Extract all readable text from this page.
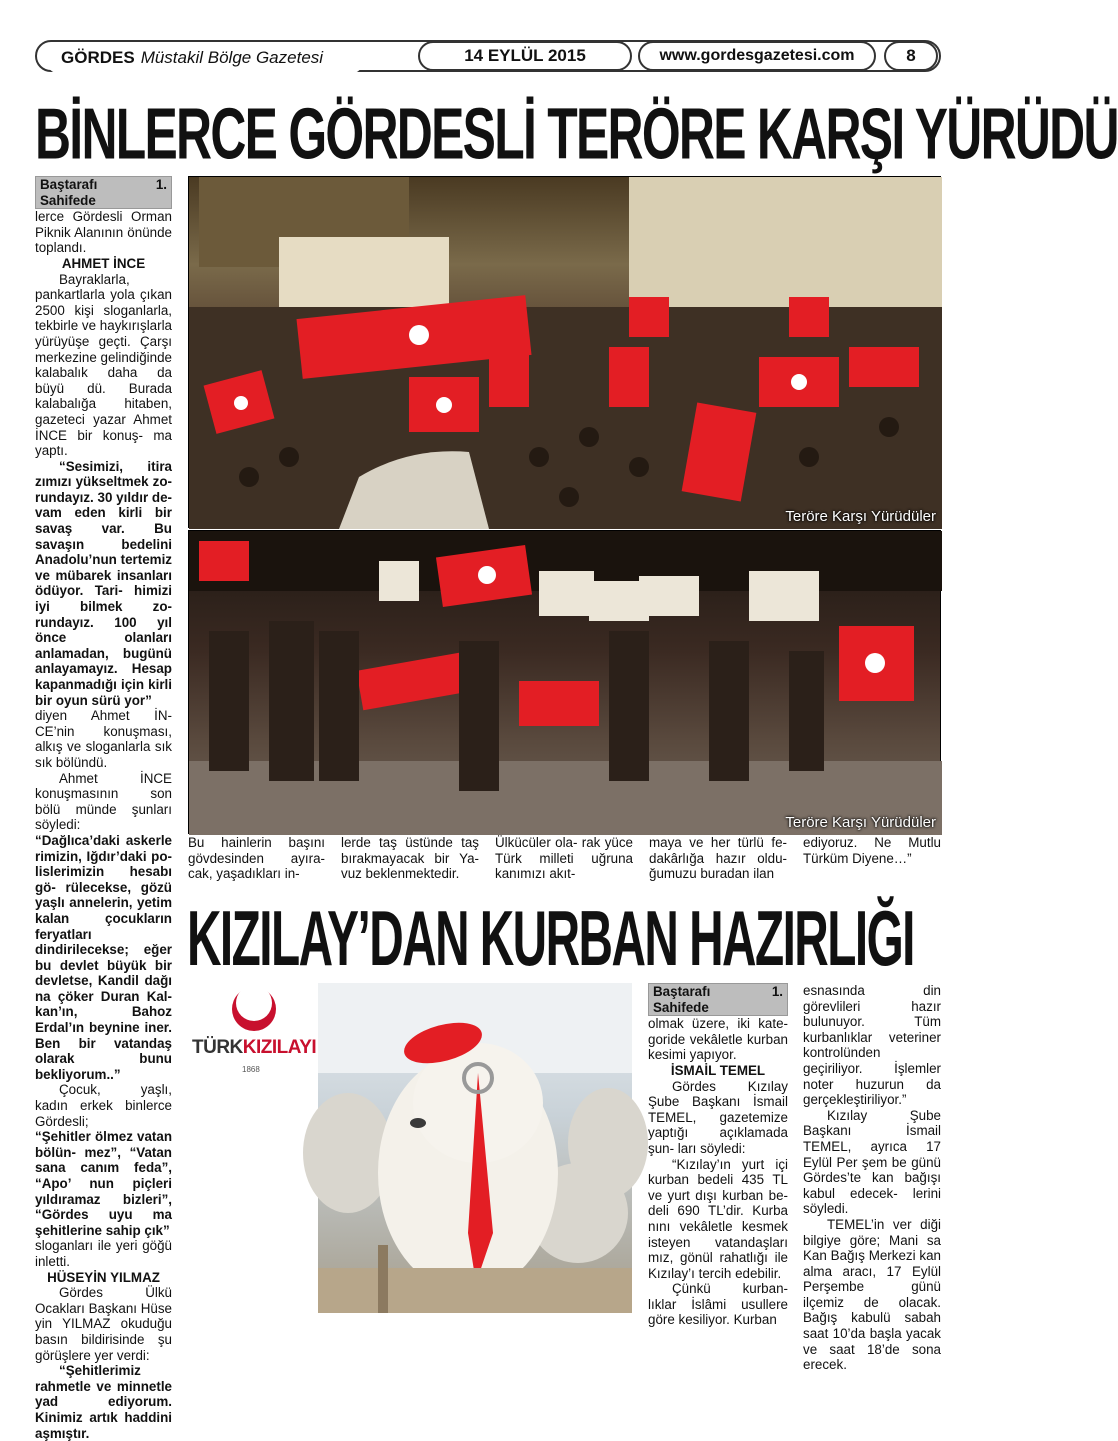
GÖRDES Müstakil Bölge Gazetesi	14 EYLÜL 2015	www.gordesgazetesi.com	8
BİNLERCE GÖRDESLİ TERÖRE KARŞI YÜRÜDÜ

Baştarafı 1. Sahifede

lerce Gördesli Orman Piknik Alanının önünde toplandı.

AHMET İNCE

Bayraklarla, pankartlarla yola çıkan 2500 kişi sloganlarla, tekbirle ve haykırışlarla yürüyüşe geçti. Çarşı merkezine gelindiğinde kalabalık daha da büyü dü. Burada kalabalığa hitaben, gazeteci yazar Ahmet İNCE bir konuş- ma yaptı.

“Sesimizi, itira zımızı yükseltmek zo- rundayız. 30 yıldır de- vam eden kirli bir savaş var. Bu savaşın bedelini Anadolu’nun tertemiz ve mübarek insanları ödüyor. Tari- himizi iyi bilmek zo- rundayız. 100 yıl önce olanları anlamadan, bugünü anlayamayız. Hesap kapanmadığı için kirli bir oyun sürü yor”

diyen Ahmet İN- CE’nin konuşması, alkış ve sloganlarla sık sık bölündü.

Ahmet İNCE konuşmasının son bölü münde şunları söyledi:

“Dağlıca’daki askerle rimizin, Iğdır’daki po- lislerimizin hesabı gö- rülecekse, gözü yaşlı annelerin, yetim kalan çocukların feryatları dindirilecekse; eğer bu devlet büyük bir devletse, Kandil dağı na çöker Duran Kal- kan’ın, Bahoz Erdal’ın beynine iner. Ben bir vatandaş olarak bunu bekliyorum..”

Çocuk, yaşlı, kadın erkek binlerce Gördesli;

“Şehitler ölmez vatan bölün- mez”, “Vatan sana canım feda”, “Apo’ nun piçleri yıldıramaz bizleri”, “Gördes uyu ma şehitlerine sahip çık”

sloganları ile yeri göğü inletti.

HÜSEYİN YILMAZ

Gördes Ülkü Ocakları Başkanı Hüse yin YILMAZ okuduğu basın bildirisinde şu görüşlere yer verdi:

“Şehitlerimiz rahmetle ve minnetle yad ediyorum. Kinimiz artık haddini aşmıştır.

Teröre Karşı Yürüdüler
Teröre Karşı Yürüdüler
Bu hainlerin başını gövdesinden ayıra- cak, yaşadıkları in-
lerde taş üstünde taş bırakmayacak bir Ya- vuz beklenmektedir.
Ülkücüler ola- rak yüce Türk milleti uğruna kanımızı akıt-
maya ve her türlü fe- dakârlığa hazır oldu- ğumuzu buradan ilan
ediyoruz. Ne Mutlu Türküm Diyene…”
KIZILAY’DAN KURBAN HAZIRLIĞI
TÜRKKIZILAYI
1868

Baştarafı 1. Sahifede

olmak üzere, iki kate- goride vekâletle kurban kesimi yapıyor.

İSMAİL TEMEL

Gördes Kızılay Şube Başkanı İsmail TEMEL, gazetemize yaptığı açıklamada şun- ları söyledi:

“Kızılay’ın yurt içi kurban bedeli 435 TL ve yurt dışı kurban be- deli 690 TL’dir. Kurba nını vekâletle kesmek isteyen vatandaşları mız, gönül rahatlığı ile Kızılay’ı tercih edebilir.

Çünkü kurban- lıklar İslâmi usullere göre kesiliyor. Kurban

esnasında din görevlileri hazır bulunuyor. Tüm kurbanlıklar veteriner kontrolünden geçiriliyor. İşlemler noter huzurun da gerçekleştiriliyor.”

Kızılay Şube Başkanı İsmail TEMEL, ayrıca 17 Eylül Per şem be günü Gördes’te kan bağışı kabul edecek- lerini söyledi.

TEMEL’in ver diği bilgiye göre; Mani sa Kan Bağış Merkezi kan alma aracı, 17 Eylül Perşembe günü ilçemiz de olacak. Bağış kabulü sabah saat 10’da başla yacak ve saat 18’de sona erecek.
